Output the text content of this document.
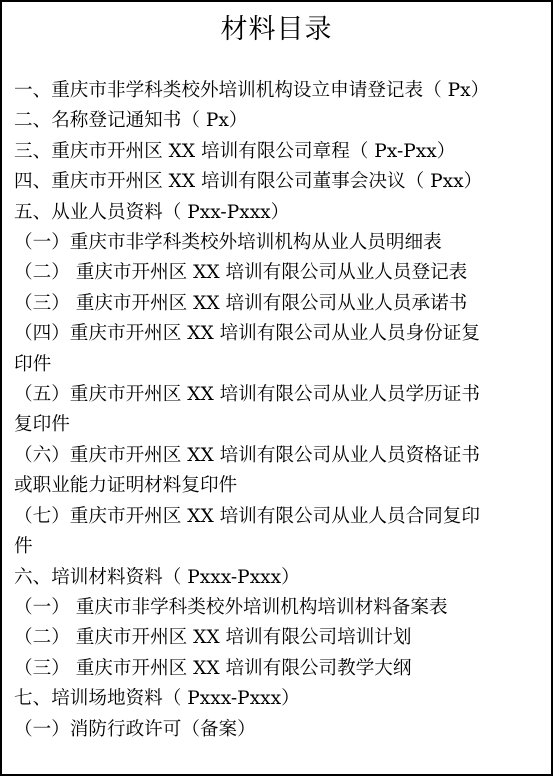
材料目录
一、重庆市非学科类校外培训机构设立申请登记表（ Px）
二、名称登记通知书（ Px）
三、重庆市开州区 XX 培训有限公司章程（ Px-Pxx）
四、重庆市开州区 XX 培训有限公司董事会决议（ Pxx）
五、从业人员资料（ Pxx-Pxxx）
（一）重庆市非学科类校外培训机构从业人员明细表
（二） 重庆市开州区 XX 培训有限公司从业人员登记表
（三） 重庆市开州区 XX 培训有限公司从业人员承诺书
（四）重庆市开州区 XX 培训有限公司从业人员身份证复
印件
（五）重庆市开州区 XX 培训有限公司从业人员学历证书
复印件
（六）重庆市开州区 XX 培训有限公司从业人员资格证书
或职业能力证明材料复印件
（七）重庆市开州区 XX 培训有限公司从业人员合同复印
件
六、培训材料资料（ Pxxx-Pxxx）
（一） 重庆市非学科类校外培训机构培训材料备案表
（二） 重庆市开州区 XX 培训有限公司培训计划
（三） 重庆市开州区 XX 培训有限公司教学大纲
七、培训场地资料（ Pxxx-Pxxx）
（一）消防行政许可（备案）
